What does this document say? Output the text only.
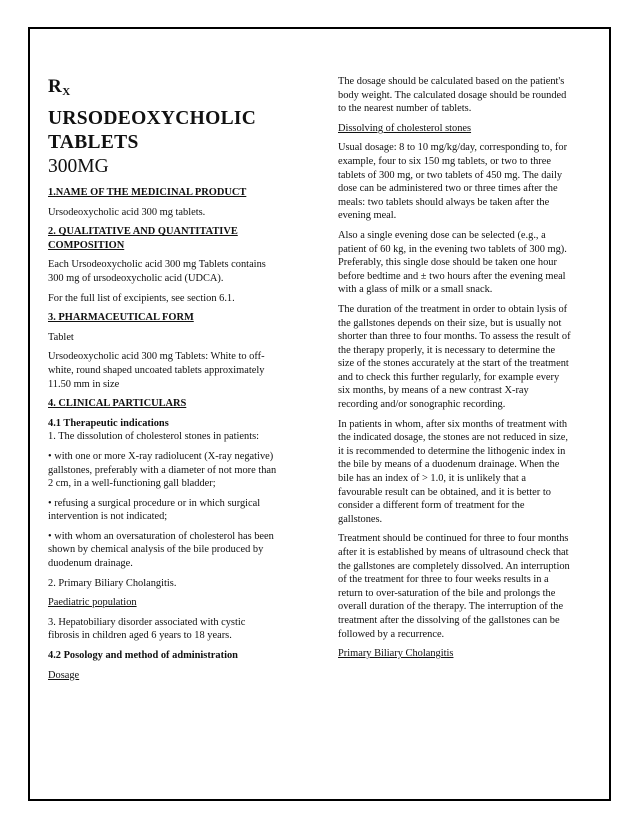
$R_X$
URSODEOXYCHOLIC
TABLETS
300MG
1.NAME OF THE MEDICINAL PRODUCT

Ursodeoxycholic acid 300 mg tablets.

2. QUALITATIVE AND QUANTITATIVE COMPOSITION

Each Ursodeoxycholic acid 300 mg Tablets contains 300 mg of ursodeoxycholic acid (UDCA).

For the full list of excipients, see section 6.1.

3. PHARMACEUTICAL FORM

Tablet

Ursodeoxycholic acid 300 mg Tablets: White to off-white, round shaped uncoated tablets approximately 11.50 mm in size

4. CLINICAL PARTICULARS
4.1 Therapeutic indications

1. The dissolution of cholesterol stones in patients:

• with one or more X-ray radiolucent (X-ray negative) gallstones, preferably with a diameter of not more than 2 cm, in a well-functioning gall bladder;

• refusing a surgical procedure or in which surgical intervention is not indicated;

• with whom an oversaturation of cholesterol has been shown by chemical analysis of the bile produced by duodenum drainage.

2. Primary Biliary Cholangitis.

Paediatric population

3. Hepatobiliary disorder associated with cystic fibrosis in children aged 6 years to 18 years.

4.2 Posology and method of administration

Dosage

The dosage should be calculated based on the patient's body weight. The calculated dosage should be rounded to the nearest number of tablets.

Dissolving of cholesterol stones

Usual dosage: 8 to 10 mg/kg/day, corresponding to, for example, four to six 150 mg tablets, or two to three tablets of 300 mg, or two tablets of 450 mg. The daily dose can be administered two or three times after the meals: two tablets should always be taken after the evening meal.

Also a single evening dose can be selected (e.g., a patient of 60 kg, in the evening two tablets of 300 mg). Preferably, this single dose should be taken one hour before bedtime and ± two hours after the evening meal with a glass of milk or a small snack.

The duration of the treatment in order to obtain lysis of the gallstones depends on their size, but is usually not shorter than three to four months. To assess the result of the therapy properly, it is necessary to determine the size of the stones accurately at the start of the treatment and to check this further regularly, for example every six months, by means of a new contrast X-ray recording and/or sonographic recording.

In patients in whom, after six months of treatment with the indicated dosage, the stones are not reduced in size, it is recommended to determine the lithogenic index in the bile by means of a duodenum drainage. When the bile has an index of > 1.0, it is unlikely that a favourable result can be obtained, and it is better to consider a different form of treatment for the gallstones.

Treatment should be continued for three to four months after it is established by means of ultrasound check that the gallstones are completely dissolved. An interruption of the treatment for three to four weeks results in a return to over-saturation of the bile and prolongs the overall duration of the therapy. The interruption of the treatment after the dissolving of the gallstones can be followed by a recurrence.

Primary Biliary Cholangitis
